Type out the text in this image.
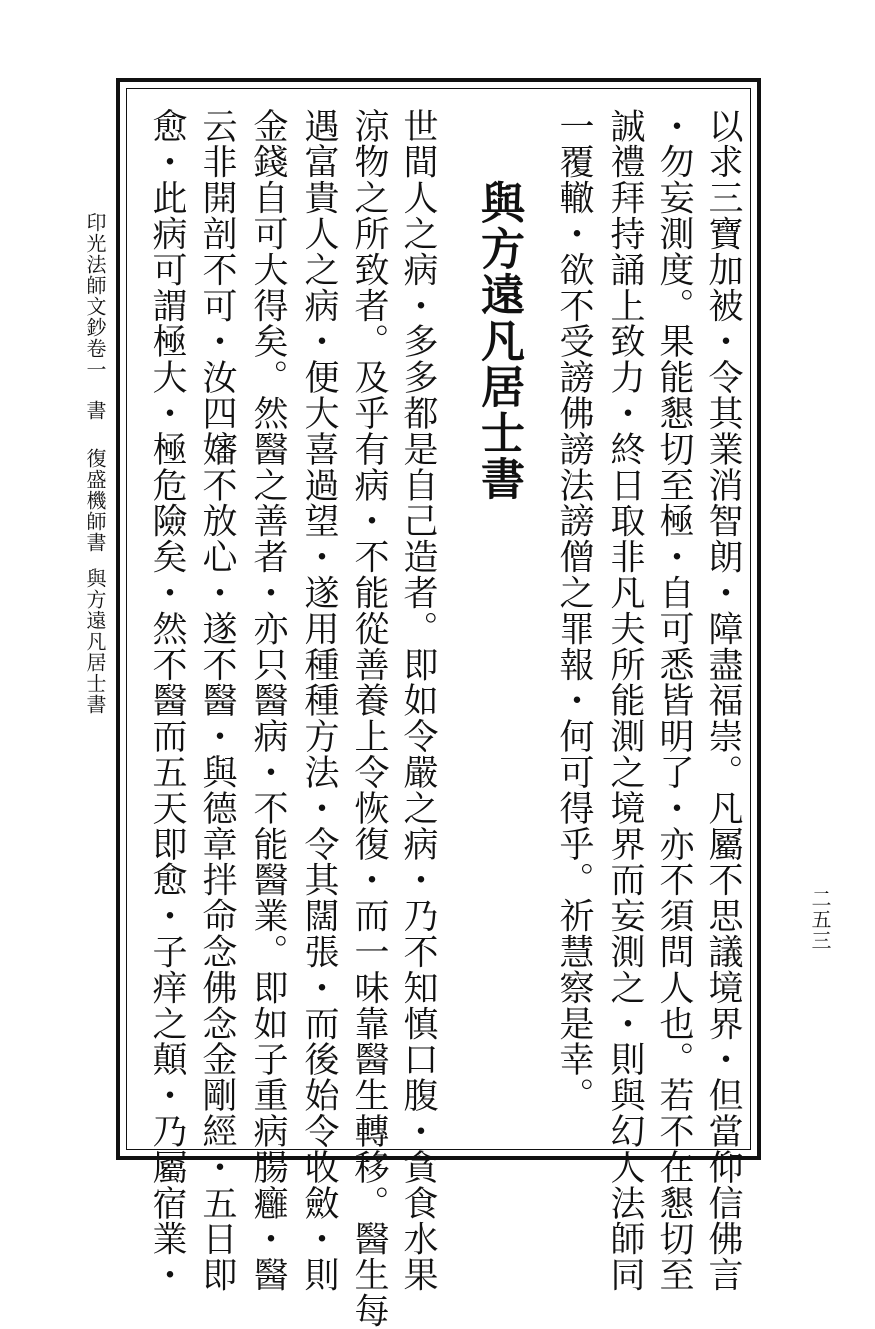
印光法師文鈔卷一
書
復盛機師書
與方遠凡居士書
二五三
以求三寶加被・令其業消智朗・障盡福崇。凡屬不思議境界・但當仰信佛言
・勿妄測度。果能懇切至極・自可悉皆明了・亦不須問人也。若不在懇切至
誠禮拜持誦上致力・終日取非凡夫所能測之境界而妄測之・則與幻人法師同
一覆轍・欲不受謗佛謗法謗僧之罪報・何可得乎。祈慧察是幸。
與方遠凡居士書
世間人之病・多多都是自己造者。即如令嚴之病・乃不知慎口腹・貪食水果
涼物之所致者。及乎有病・不能從善養上令恢復・而一味靠醫生轉移。醫生每
遇富貴人之病・便大喜過望・遂用種種方法・令其闊張・而後始令收斂・則
金錢自可大得矣。然醫之善者・亦只醫病・不能醫業。即如子重病腸癰・醫
云非開剖不可・汝四嬸不放心・遂不醫・與德章拌命念佛念金剛經・五日即
愈・此病可謂極大・極危險矣・然不醫而五天即愈・子痒之顛・乃屬宿業・
